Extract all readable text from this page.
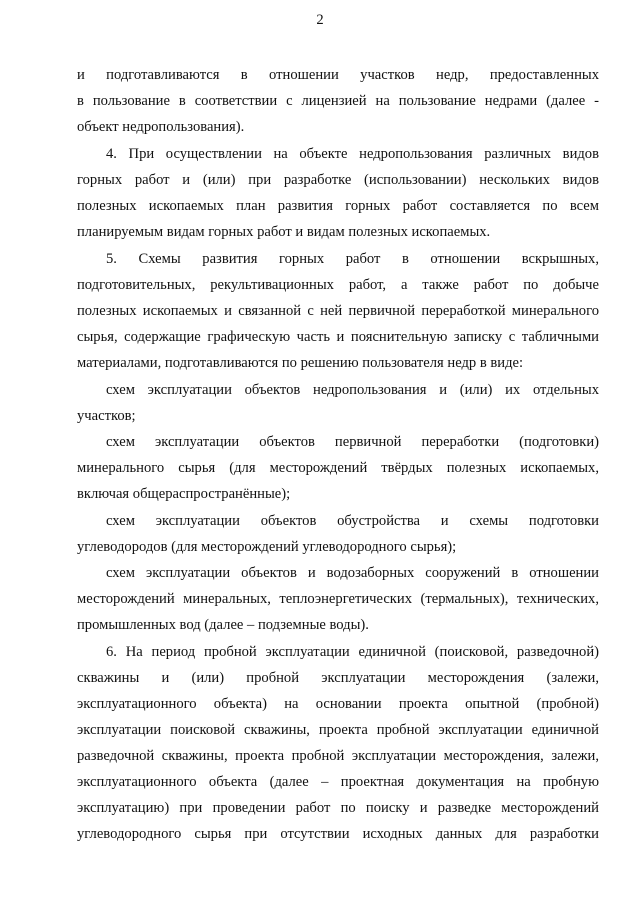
2
и подготавливаются в отношении участков недр, предоставленных
в пользование в соответствии с лицензией на пользование недрами (далее -
объект недропользования).
4. При осуществлении на объекте недропользования различных видов
горных работ и (или) при разработке (использовании) нескольких видов
полезных ископаемых план развития горных работ составляется по всем
планируемым видам горных работ и видам полезных ископаемых.
5. Схемы развития горных работ в отношении вскрышных,
подготовительных, рекультивационных работ, а также работ по добыче
полезных ископаемых и связанной с ней первичной переработкой минерального
сырья, содержащие графическую часть и пояснительную записку с табличными
материалами, подготавливаются по решению пользователя недр в виде:
схем эксплуатации объектов недропользования и (или) их отдельных
участков;
схем эксплуатации объектов первичной переработки (подготовки)
минерального сырья (для месторождений твёрдых полезных ископаемых,
включая общераспространённые);
схем эксплуатации объектов обустройства и схемы подготовки
углеводородов (для месторождений углеводородного сырья);
схем эксплуатации объектов и водозаборных сооружений в отношении
месторождений минеральных, теплоэнергетических (термальных), технических,
промышленных вод (далее – подземные воды).
6. На период пробной эксплуатации единичной (поисковой, разведочной)
скважины и (или) пробной эксплуатации месторождения (залежи,
эксплуатационного объекта) на основании проекта опытной (пробной)
эксплуатации поисковой скважины, проекта пробной эксплуатации единичной
разведочной скважины, проекта пробной эксплуатации месторождения, залежи,
эксплуатационного объекта (далее – проектная документация на пробную
эксплуатацию) при проведении работ по поиску и разведке месторождений
углеводородного сырья при отсутствии исходных данных для разработки
